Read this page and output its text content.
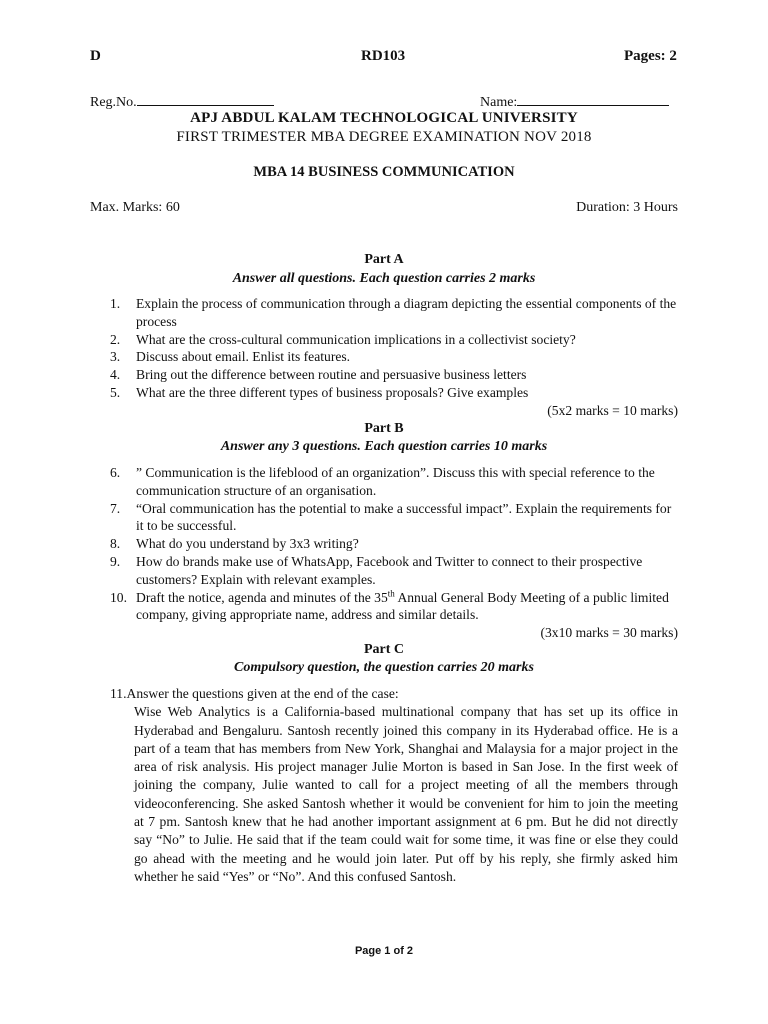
D	RD103	Pages: 2
Reg.No.	Name:
APJ ABDUL KALAM TECHNOLOGICAL UNIVERSITY
FIRST TRIMESTER MBA DEGREE EXAMINATION NOV 2018
MBA 14 BUSINESS COMMUNICATION
Max. Marks: 60	Duration: 3 Hours
Part A
Answer all questions. Each question carries 2 marks
1.	Explain the process of communication through a diagram depicting the essential components of the process
2.	What are the cross-cultural communication implications in a collectivist society?
3.	Discuss about email. Enlist its features.
4.	Bring out the difference between routine and persuasive business letters
5.	What are the three different types of business proposals? Give examples
(5x2 marks = 10 marks)
Part B
Answer any 3 questions. Each question carries 10 marks
6.	” Communication is the lifeblood of an organization”. Discuss this with special reference to the communication structure of an organisation.
7.	“Oral communication has the potential to make a successful impact”. Explain the requirements for it to be successful.
8.	What do you understand by 3x3 writing?
9.	How do brands make use of WhatsApp, Facebook and Twitter to connect to their prospective customers? Explain with relevant examples.
10. Draft the notice, agenda and minutes of the 35th Annual General Body Meeting of a public limited company, giving appropriate name, address and similar details.
(3x10 marks = 30 marks)
Part C
Compulsory question, the question carries 20 marks
11.Answer the questions given at the end of the case:
Wise Web Analytics is a California-based multinational company that has set up its office in Hyderabad and Bengaluru. Santosh recently joined this company in its Hyderabad office. He is a part of a team that has members from New York, Shanghai and Malaysia for a major project in the area of risk analysis. His project manager Julie Morton is based in San Jose. In the first week of joining the company, Julie wanted to call for a project meeting of all the members through videoconferencing. She asked Santosh whether it would be convenient for him to join the meeting at 7 pm. Santosh knew that he had another important assignment at 6 pm. But he did not directly say “No” to Julie. He said that if the team could wait for some time, it was fine or else they could go ahead with the meeting and he would join later. Put off by his reply, she firmly asked him whether he said “Yes” or “No”. And this confused Santosh.
Page 1 of 2
